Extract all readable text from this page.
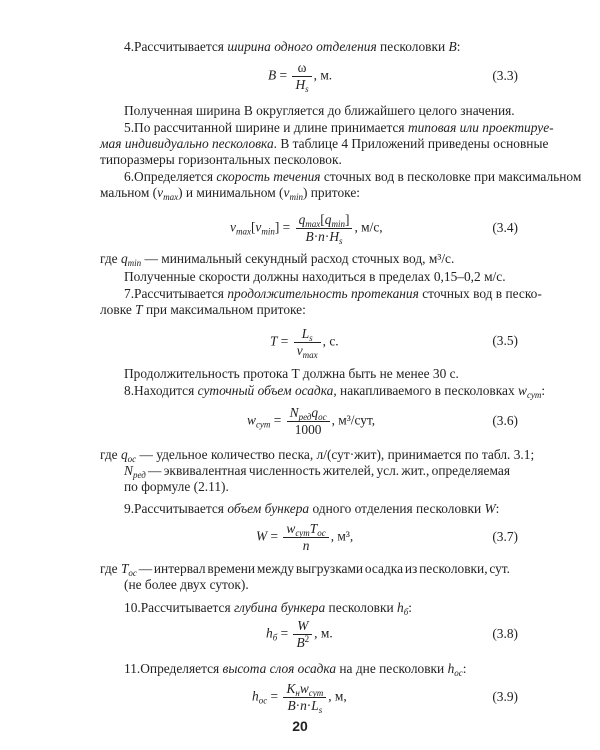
4.Рассчитывается ширина одного отделения песколовки B:
$B = \frac{\omega}{H_s}$ , м.	(3.3)
Полученная ширина B округляется до ближайшего целого значения.
5.По рассчитанной ширине и длине принимается типовая или проектируе-
мая индивидуально песколовка. В таблице 4 Приложений приведены основные
типоразмеры горизонтальных песколовок.
6.Определяется скорость течения сточных вод в песколовке при максимальном
мальном $(v_{max})$ и минимальном $(v_{min})$ притоке:
$v_{max}[v_{min}] = \frac{q_{max}[q_{min}]}{B\cdot n\cdot H_s}$ , м/с,	(3.4)
где $q_{min}$ — минимальный секундный расход сточных вод, м³/с.
Полученные скорости должны находиться в пределах 0,15–0,2 м/с.
7.Рассчитывается продолжительность протекания сточных вод в песко-
ловке T при максимальном притоке:
$T = \frac{L_s}{v_{max}}$ , с.	(3.5)
Продолжительность протока T должна быть не менее 30 с.
8.Находится суточный объем осадка, накапливаемого в песколовках $w_{сут}$:
$w_{сут} = \frac{N_{ред}q_{ос}}{1000}$ , м³/сут,	(3.6)
где $q_{ос}$ — удельное количество песка, л/(сут·жит), принимается по табл. 3.1;
$N_{ред}$ — эквивалентная численность жителей, усл. жит., определяемая
по формуле (2.11).
9.Рассчитывается объем бункера одного отделения песколовки W:
$W = \frac{w_{сут}T_{ос}}{n}$ , м³,	(3.7)
где $T_{ос}$ — интервал времени между выгрузками осадка из песколовки, сут.
(не более двух суток).
10.Рассчитывается глубина бункера песколовки $h_б$:
$h_б = \frac{W}{B^2}$ , м.	(3.8)
11.Определяется высота слоя осадка на дне песколовки $h_{ос}$:
$h_{ос} = \frac{K_нw_{сут}}{B\cdot n\cdot L_s}$ , м,	(3.9)
20
